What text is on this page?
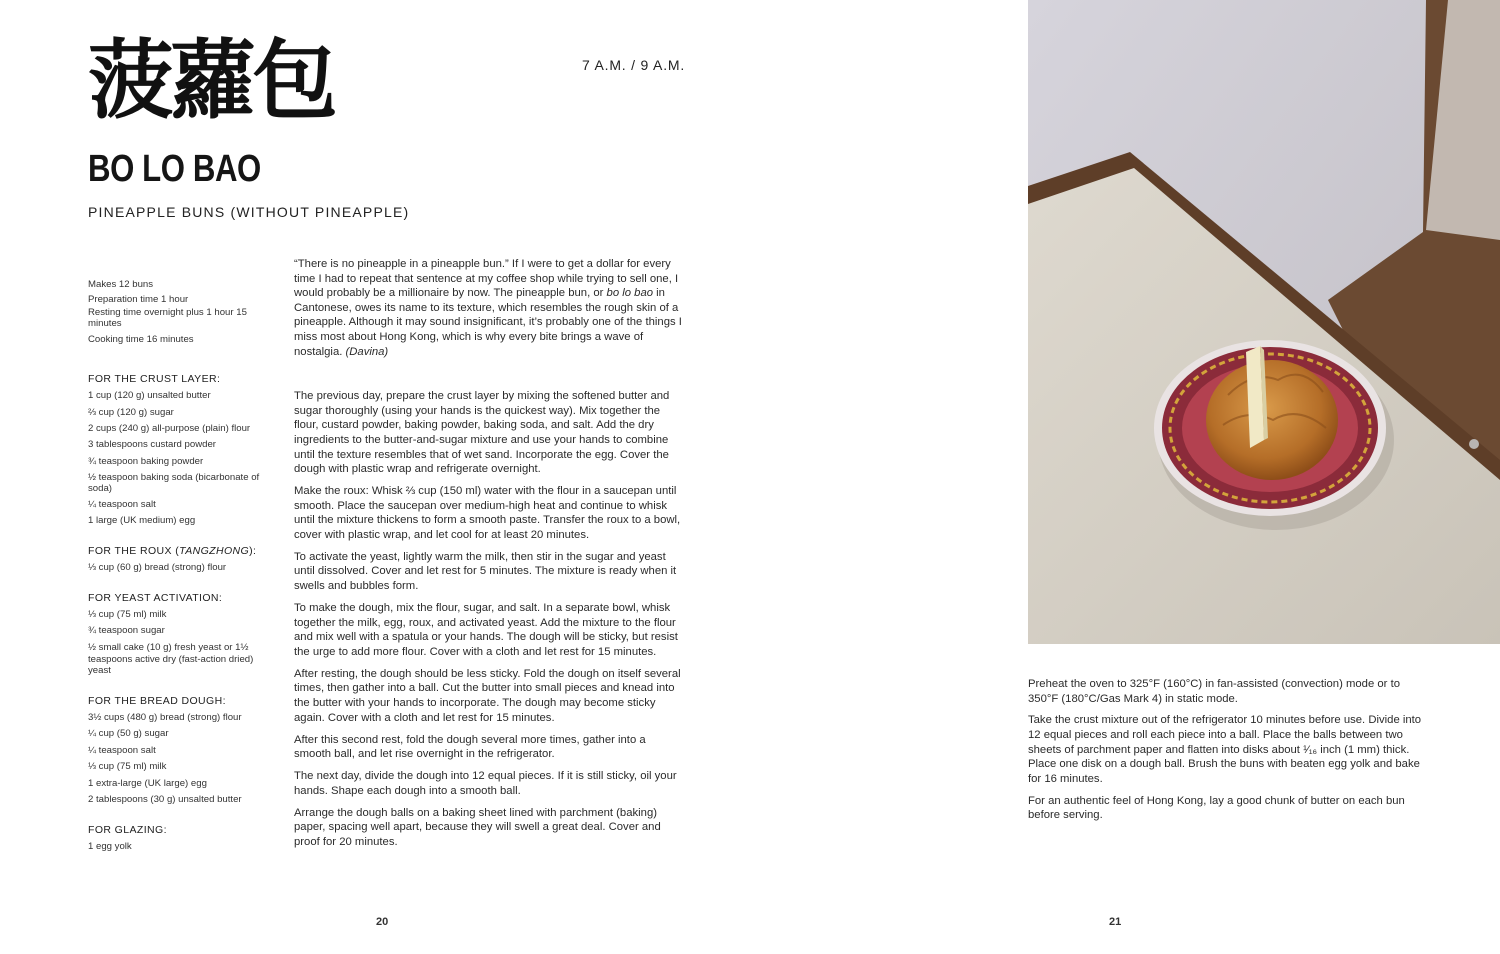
菠蘿包	7 A.M. / 9 A.M.
BO LO BAO
PINEAPPLE BUNS (WITHOUT PINEAPPLE)
Makes 12 buns
Preparation time 1 hour
Resting time overnight plus 1 hour 15 minutes
Cooking time 16 minutes
FOR THE CRUST LAYER:
1 cup (120 g) unsalted butter
⅔ cup (120 g) sugar
2 cups (240 g) all-purpose (plain) flour
3 tablespoons custard powder
¾ teaspoon baking powder
½ teaspoon baking soda (bicarbonate of soda)
¼ teaspoon salt
1 large (UK medium) egg
FOR THE ROUX (TANGZHONG):
⅓ cup (60 g) bread (strong) flour
FOR YEAST ACTIVATION:
⅓ cup (75 ml) milk
¾ teaspoon sugar
½ small cake (10 g) fresh yeast or 1½ teaspoons active dry (fast-action dried) yeast
FOR THE BREAD DOUGH:
3½ cups (480 g) bread (strong) flour
¼ cup (50 g) sugar
¼ teaspoon salt
⅓ cup (75 ml) milk
1 extra-large (UK large) egg
2 tablespoons (30 g) unsalted butter
FOR GLAZING:
1 egg yolk

“There is no pineapple in a pineapple bun.” If I were to get a dollar for every time I had to repeat that sentence at my coffee shop while trying to sell one, I would probably be a millionaire by now. The pineapple bun, or bo lo bao in Cantonese, owes its name to its texture, which resembles the rough skin of a pineapple. Although it may sound insignificant, it’s probably one of the things I miss most about Hong Kong, which is why every bite brings a wave of nostalgia. (Davina)

The previous day, prepare the crust layer by mixing the softened butter and sugar thoroughly (using your hands is the quickest way). Mix together the flour, custard powder, baking powder, baking soda, and salt. Add the dry ingredients to the butter-and-sugar mixture and use your hands to combine until the texture resembles that of wet sand. Incorporate the egg. Cover the dough with plastic wrap and refrigerate overnight.

Make the roux: Whisk ⅔ cup (150 ml) water with the flour in a saucepan until smooth. Place the saucepan over medium-high heat and continue to whisk until the mixture thickens to form a smooth paste. Transfer the roux to a bowl, cover with plastic wrap, and let cool for at least 20 minutes.

To activate the yeast, lightly warm the milk, then stir in the sugar and yeast until dissolved. Cover and let rest for 5 minutes. The mixture is ready when it swells and bubbles form.

To make the dough, mix the flour, sugar, and salt. In a separate bowl, whisk together the milk, egg, roux, and activated yeast. Add the mixture to the flour and mix well with a spatula or your hands. The dough will be sticky, but resist the urge to add more flour. Cover with a cloth and let rest for 15 minutes.

After resting, the dough should be less sticky. Fold the dough on itself several times, then gather into a ball. Cut the butter into small pieces and knead into the butter with your hands to incorporate. The dough may become sticky again. Cover with a cloth and let rest for 15 minutes.

After this second rest, fold the dough several more times, gather into a smooth ball, and let rise overnight in the refrigerator.

The next day, divide the dough into 12 equal pieces. If it is still sticky, oil your hands. Shape each dough into a smooth ball.

Arrange the dough balls on a baking sheet lined with parchment (baking) paper, spacing well apart, because they will swell a great deal. Cover and proof for 20 minutes.

20

Preheat the oven to 325°F (160°C) in fan-assisted (convection) mode or to 350°F (180°C/Gas Mark 4) in static mode.

Take the crust mixture out of the refrigerator 10 minutes before use. Divide into 12 equal pieces and roll each piece into a ball. Place the balls between two sheets of parchment paper and flatten into disks about ¹⁄₁₆ inch (1 mm) thick. Place one disk on a dough ball. Brush the buns with beaten egg yolk and bake for 16 minutes.

For an authentic feel of Hong Kong, lay a good chunk of butter on each bun before serving.

21
